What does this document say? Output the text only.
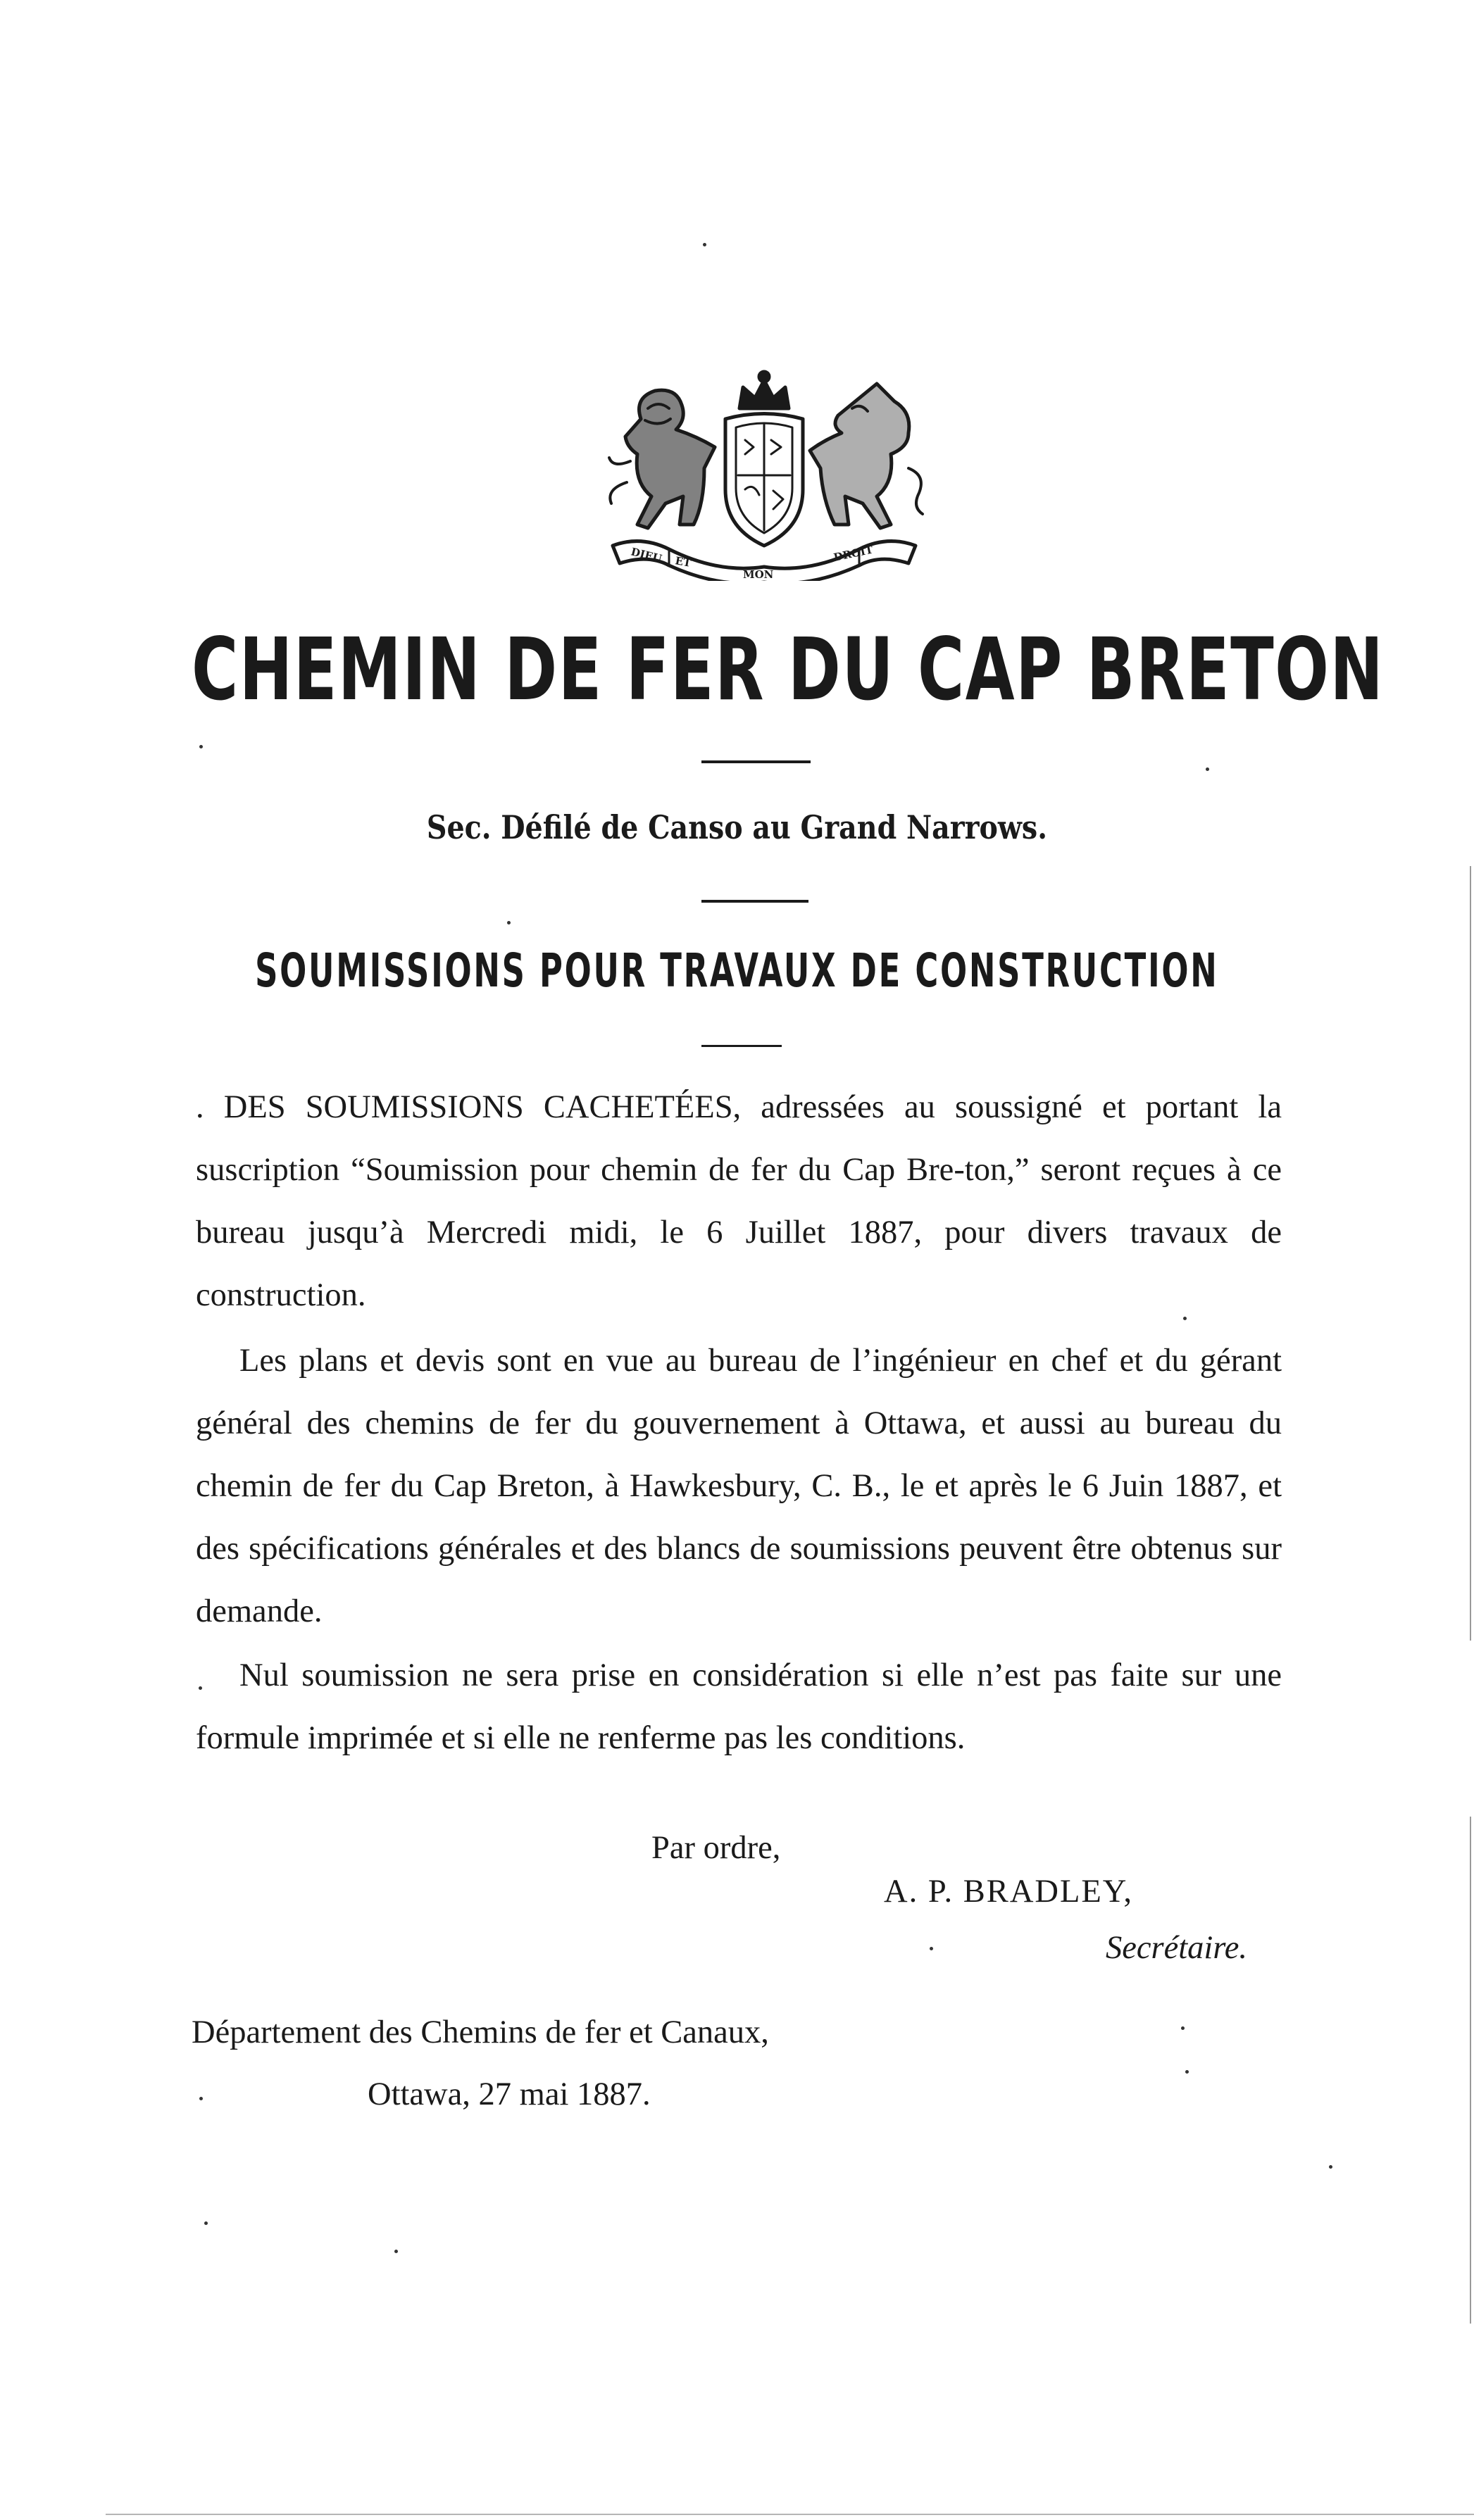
DIEU ET
MON
DROIT
CHEMIN DE FER DU CAP BRETON
Sec. Défilé de Canso au Grand Narrows.
SOUMISSIONS POUR TRAVAUX DE CONSTRUCTION

. DES SOUMISSIONS CACHETÉES, adressées au soussigné et portant la suscription “Soumission pour chemin de fer du Cap Bre-ton,” seront reçues à ce bureau jusqu’à Mercredi midi, le 6 Juillet 1887, pour divers travaux de construction.

Les plans et devis sont en vue au bureau de l’ingénieur en chef et du gérant général des chemins de fer du gouvernement à Ottawa, et aussi au bureau du chemin de fer du Cap Breton, à Hawkesbury, C. B., le et après le 6 Juin 1887, et des spécifications générales et des blancs de soumissions peuvent être obtenus sur demande.

Nul soumission ne sera prise en considération si elle n’est pas faite sur une formule imprimée et si elle ne renferme pas les conditions.

Par ordre,
A. P. BRADLEY,
Secrétaire.
Département des Chemins de fer et Canaux,
Ottawa, 27 mai 1887.
